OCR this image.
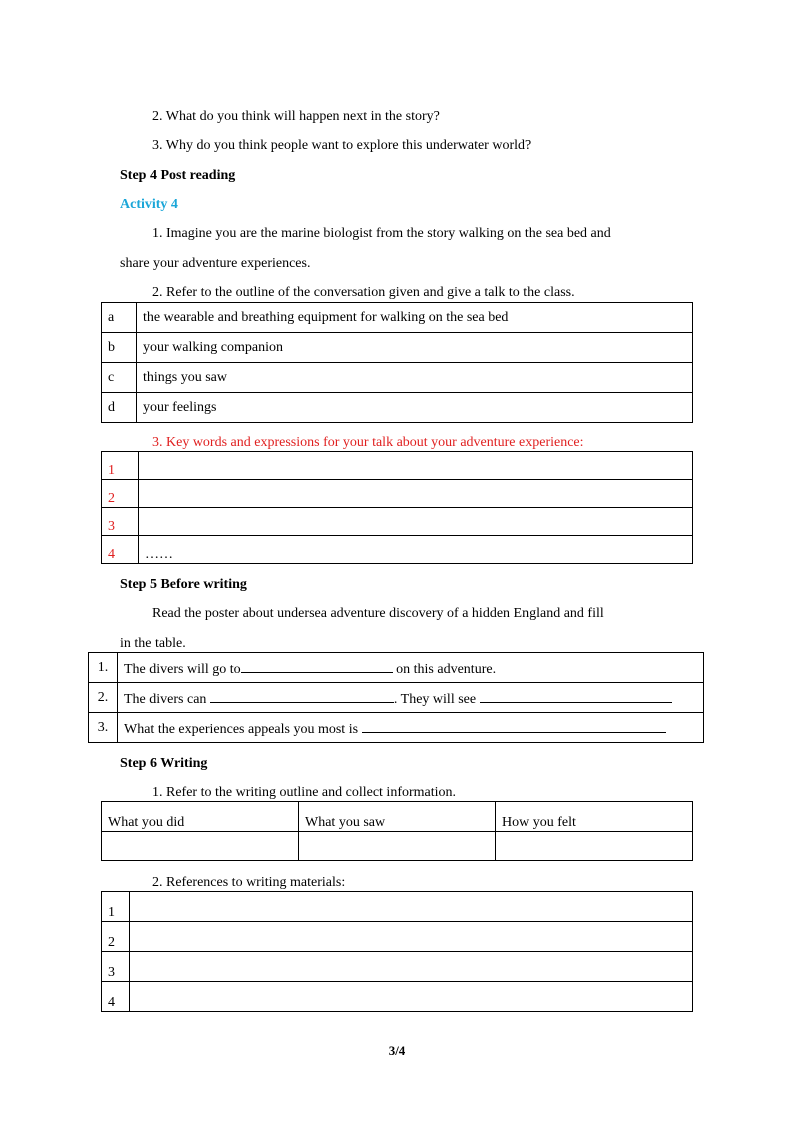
2. What do you think will happen next in the story?
3. Why do you think people want to explore this underwater world?
Step 4 Post reading
Activity 4
1. Imagine you are the marine biologist from the story walking on the sea bed and
share your adventure experiences.
2. Refer to the outline of the conversation given and give a talk to the class.
a	the wearable and breathing equipment for walking on the sea bed
b	your walking companion
c	things you saw
d	your feelings
3. Key words and expressions for your talk about your adventure experience:
1	
2	
3	
4	……
Step 5 Before writing
Read the poster about undersea adventure discovery of a hidden England and fill
in the table.
1.	The divers will go to on this adventure.
2.	The divers can . They will see
3.	What the experiences appeals you most is
Step 6 Writing
1. Refer to the writing outline and collect information.
What you did	What you saw	How you felt

2. References to writing materials:
1	
2	
3	
4	
3/4
